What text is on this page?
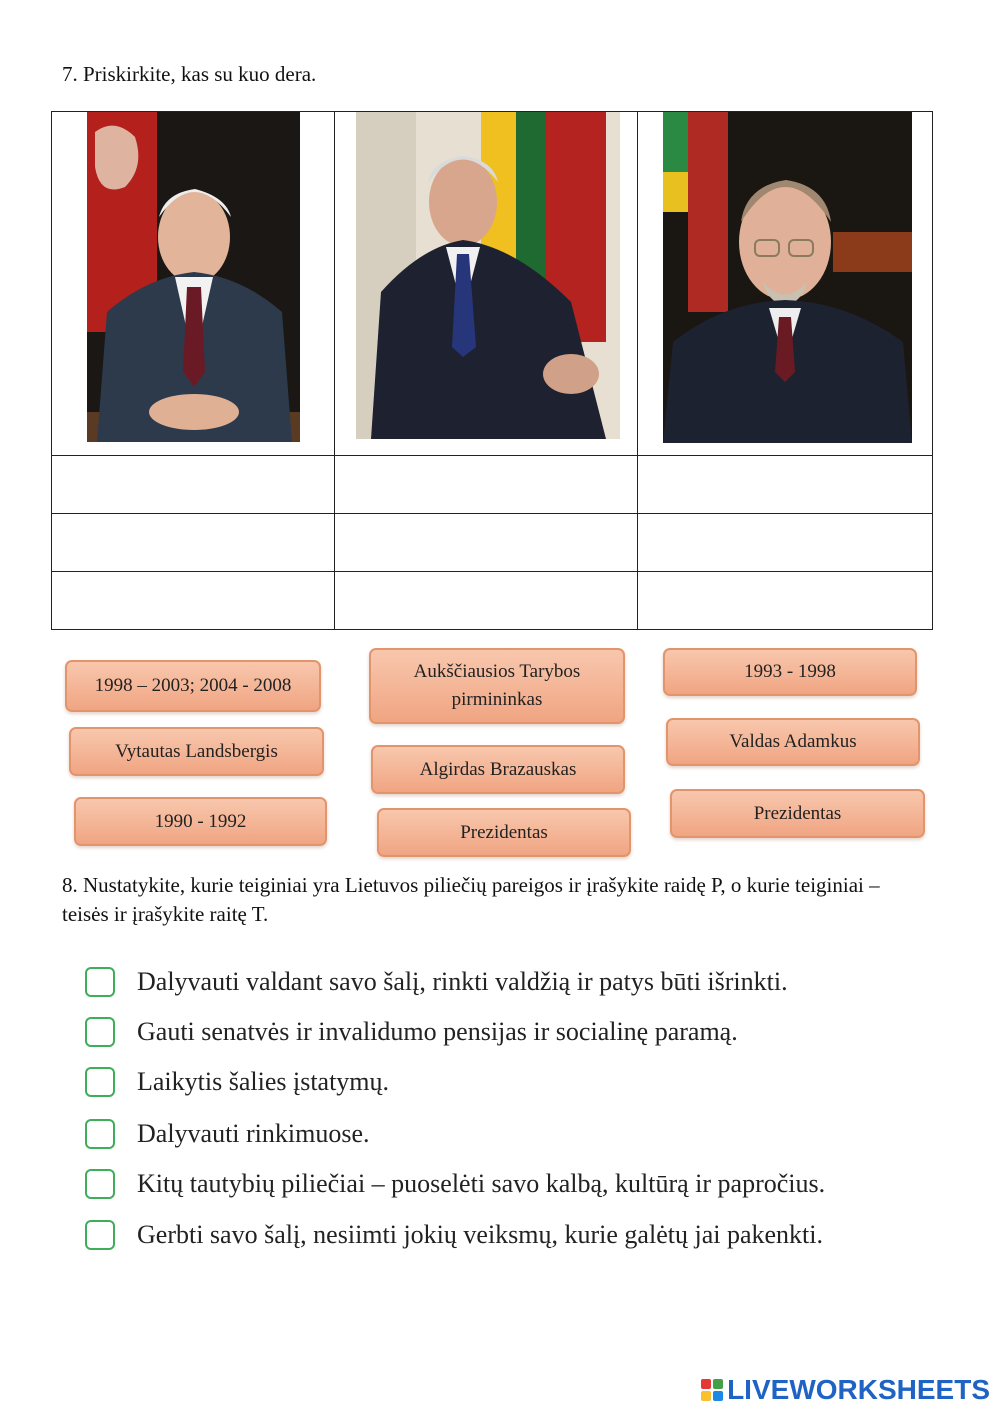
7. Priskirkite, kas su kuo dera.

1998 – 2003; 2004 - 2008
Aukščiausios Tarybos pirmininkas
1993 - 1998
Vytautas Landsbergis
Algirdas Brazauskas
Valdas Adamkus
1990 - 1992
Prezidentas
Prezidentas

8. Nustatykite, kurie teiginiai yra Lietuvos piliečių pareigos ir įrašykite raidę P, o kurie teiginiai – teisės ir įrašykite raitę T.

Dalyvauti valdant savo šalį, rinkti valdžią ir patys būti išrinkti.
Gauti senatvės ir invalidumo pensijas ir socialinę paramą.
Laikytis šalies įstatymų.
Dalyvauti rinkimuose.
Kitų tautybių piliečiai – puoselėti savo kalbą, kultūrą ir papročius.
Gerbti savo šalį, nesiimti jokių veiksmų, kurie galėtų jai pakenkti.
LIVEWORKSHEETS
